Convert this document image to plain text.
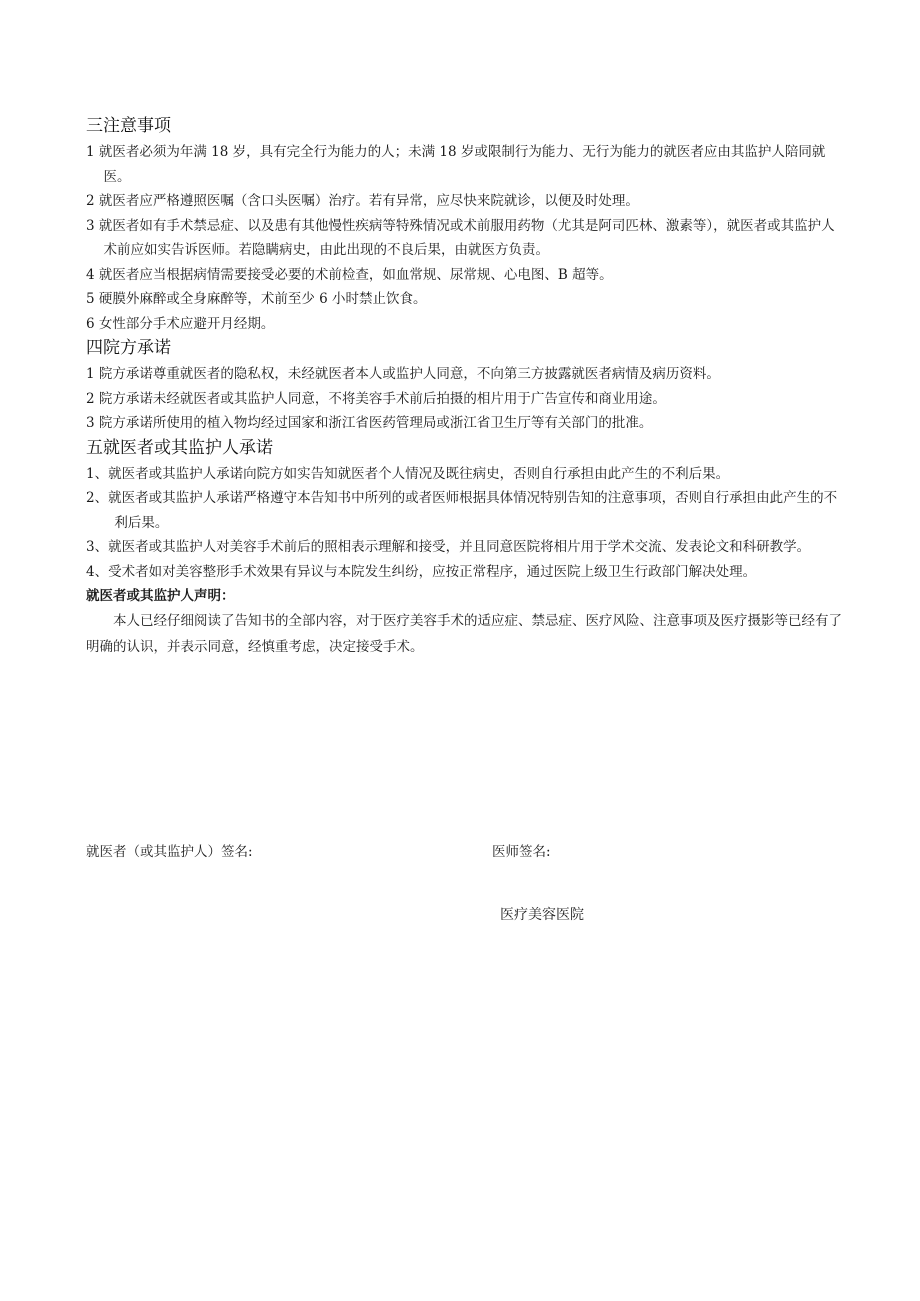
三注意事项

1 就医者必须为年满 18 岁，具有完全行为能力的人；未满 18 岁或限制行为能力、无行为能力的就医者应由其监护人陪同就医。

2 就医者应严格遵照医嘱（含口头医嘱）治疗。若有异常，应尽快来院就诊，以便及时处理。

3 就医者如有手术禁忌症、以及患有其他慢性疾病等特殊情况或术前服用药物（尤其是阿司匹林、激素等），就医者或其监护人术前应如实告诉医师。若隐瞒病史，由此出现的不良后果，由就医方负责。

4 就医者应当根据病情需要接受必要的术前检查，如血常规、尿常规、心电图、B 超等。

5 硬膜外麻醉或全身麻醉等，术前至少 6 小时禁止饮食。

6 女性部分手术应避开月经期。

四院方承诺

1 院方承诺尊重就医者的隐私权，未经就医者本人或监护人同意，不向第三方披露就医者病情及病历资料。

2 院方承诺未经就医者或其监护人同意，不将美容手术前后拍摄的相片用于广告宣传和商业用途。

3 院方承诺所使用的植入物均经过国家和浙江省医药管理局或浙江省卫生厅等有关部门的批准。

五就医者或其监护人承诺

1、就医者或其监护人承诺向院方如实告知就医者个人情况及既往病史，否则自行承担由此产生的不利后果。

2、就医者或其监护人承诺严格遵守本告知书中所列的或者医师根据具体情况特别告知的注意事项，否则自行承担由此产生的不利后果。

3、就医者或其监护人对美容手术前后的照相表示理解和接受，并且同意医院将相片用于学术交流、发表论文和科研教学。

4、受术者如对美容整形手术效果有异议与本院发生纠纷，应按正常程序，通过医院上级卫生行政部门解决处理。

就医者或其监护人声明：

本人已经仔细阅读了告知书的全部内容，对于医疗美容手术的适应症、禁忌症、医疗风险、注意事项及医疗摄影等已经有了明确的认识，并表示同意，经慎重考虑，决定接受手术。

就医者（或其监护人）签名:	医师签名:
医疗美容医院
